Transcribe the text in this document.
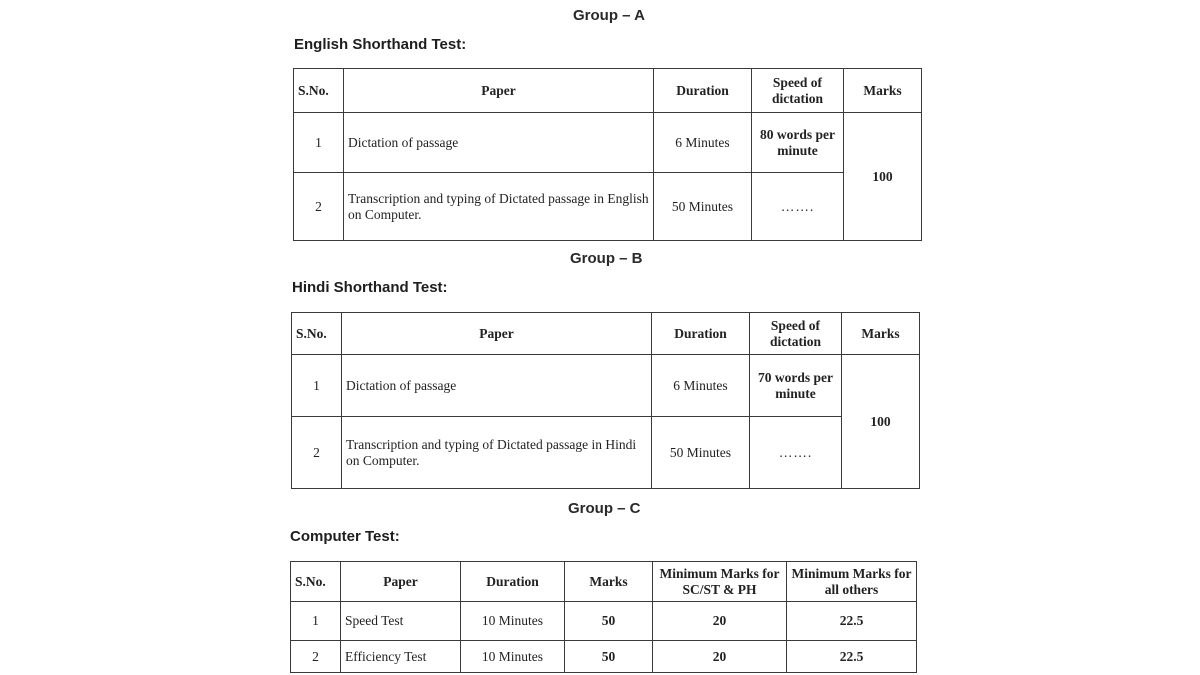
Group – A
English Shorthand Test:
S.No.	Paper	Duration	Speed of dictation	Marks
1	Dictation of passage	6 Minutes	80 words per minute	100
2	Transcription and typing of Dictated passage in English on Computer.	50 Minutes	…….	
Group – B
Hindi Shorthand Test:
S.No.	Paper	Duration	Speed of dictation	Marks
1	Dictation of passage	6 Minutes	70 words per minute	100
2	Transcription and typing of Dictated passage in Hindi on Computer.	50 Minutes	…….	
Group – C
Computer Test:
S.No.	Paper	Duration	Marks	Minimum Marks for SC/ST & PH	Minimum Marks for all others
1	Speed Test	10 Minutes	50	20	22.5
2	Efficiency Test	10 Minutes	50	20	22.5
